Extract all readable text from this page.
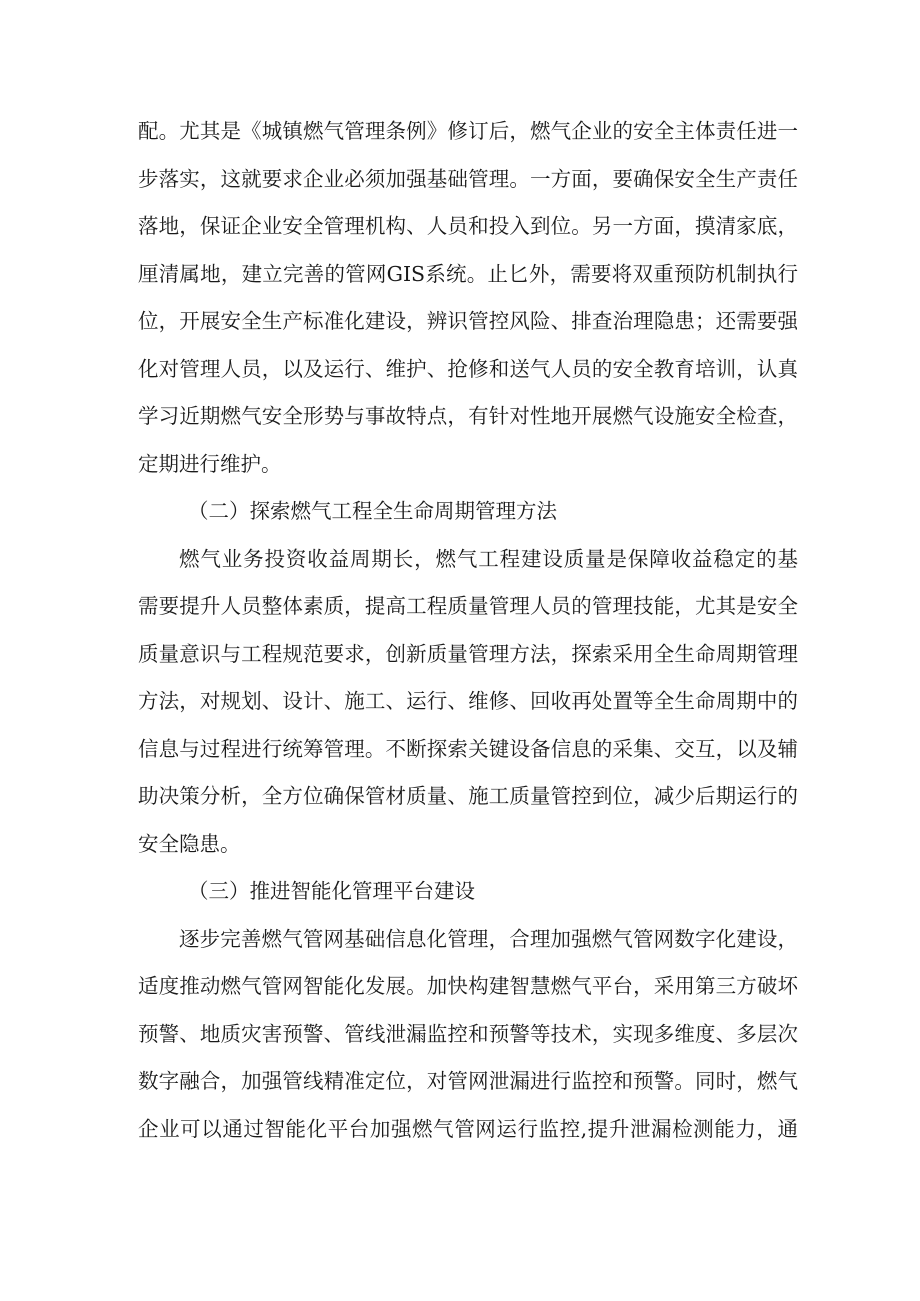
配。尤其是《城镇燃气管理条例》修订后，燃气企业的安全主体责任进一
步落实，这就要求企业必须加强基础管理。一方面，要确保安全生产责任
落地，保证企业安全管理机构、人员和投入到位。另一方面，摸清家底，
厘清属地，建立完善的管网GIS系统。止匕外，需要将双重预防机制执行
位，开展安全生产标准化建设，辨识管控风险、排查治理隐患；还需要强
化对管理人员，以及运行、维护、抢修和送气人员的安全教育培训，认真
学习近期燃气安全形势与事故特点，有针对性地开展燃气设施安全检查，
定期进行维护。
（二）探索燃气工程全生命周期管理方法
燃气业务投资收益周期长，燃气工程建设质量是保障收益稳定的基
需要提升人员整体素质，提高工程质量管理人员的管理技能，尤其是安全
质量意识与工程规范要求，创新质量管理方法，探索采用全生命周期管理
方法，对规划、设计、施工、运行、维修、回收再处置等全生命周期中的
信息与过程进行统筹管理。不断探索关键设备信息的采集、交互，以及辅
助决策分析，全方位确保管材质量、施工质量管控到位，减少后期运行的
安全隐患。
（三）推进智能化管理平台建设
逐步完善燃气管网基础信息化管理，合理加强燃气管网数字化建设，
适度推动燃气管网智能化发展。加快构建智慧燃气平台，采用第三方破坏
预警、地质灾害预警、管线泄漏监控和预警等技术，实现多维度、多层次
数字融合，加强管线精准定位，对管网泄漏进行监控和预警。同时，燃气
企业可以通过智能化平台加强燃气管网运行监控,提升泄漏检测能力，通
